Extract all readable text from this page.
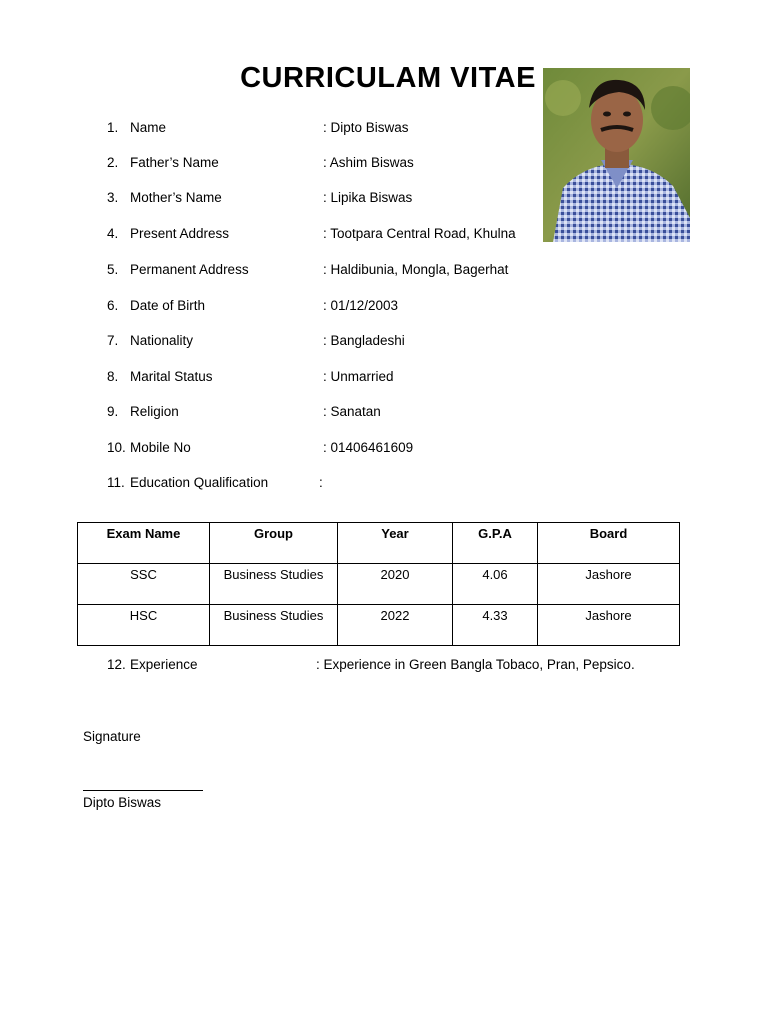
CURRICULAM VITAE
1. Name	: Dipto Biswas
2. Father’s Name	: Ashim Biswas
3. Mother’s Name	: Lipika Biswas
4. Present Address	: Tootpara Central Road, Khulna
5. Permanent Address	: Haldibunia, Mongla, Bagerhat
6. Date of Birth	: 01/12/2003
7. Nationality	: Bangladeshi
8. Marital Status	: Unmarried
9. Religion	: Sanatan
10. Mobile No	: 01406461609
11. Education Qualification	:
Exam Name	Group	Year	G.P.A	Board
SSC	Business Studies	2020	4.06	Jashore
HSC	Business Studies	2022	4.33	Jashore
12. Experience	: Experience in Green Bangla Tobaco, Pran, Pepsico.
Signature
Dipto Biswas
